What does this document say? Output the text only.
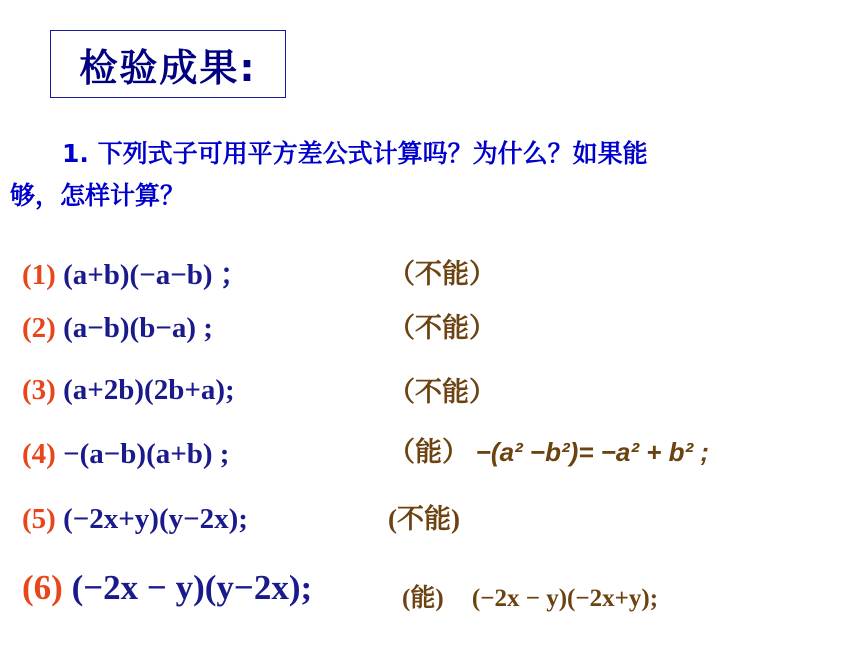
检验成果:
1. 下列式子可用平方差公式计算吗？为什么？如果能
够，怎样计算？
(1) (a+b)(−a−b) ；	（不能）
(2) (a−b)(b−a) ;	（不能）
(3) (a+2b)(2b+a);	（不能）
(4) −(a−b)(a+b) ;	（能） −(a² −b²)= −a² + b² ;
(5) (−2x+y)(y−2x);	(不能)
(6) (−2x − y)(y−2x);	(能) (−2x − y)(−2x+y);
